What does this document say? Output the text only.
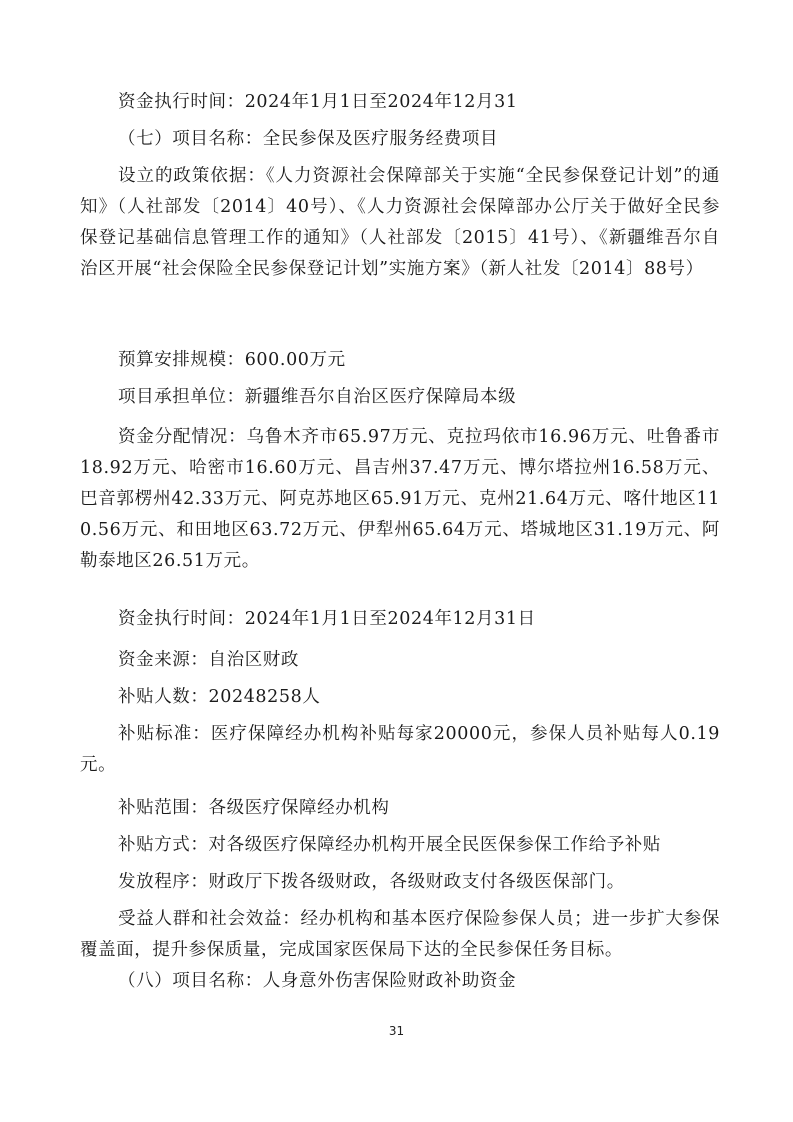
资金执行时间：2024年1月1日至2024年12月31

（七）项目名称：全民参保及医疗服务经费项目

设立的政策依据：《人力资源社会保障部关于实施“全民参保登记计划”的通知》（人社部发〔2014〕40号）、《人力资源社会保障部办公厅关于做好全民参保登记基础信息管理工作的通知》（人社部发〔2015〕41号）、《新疆维吾尔自治区开展“社会保险全民参保登记计划”实施方案》（新人社发〔2014〕88号）

预算安排规模：600.00万元

项目承担单位：新疆维吾尔自治区医疗保障局本级

资金分配情况：乌鲁木齐市65.97万元、克拉玛依市16.96万元、吐鲁番市18.92万元、哈密市16.60万元、昌吉州37.47万元、博尔塔拉州16.58万元、巴音郭楞州42.33万元、阿克苏地区65.91万元、克州21.64万元、喀什地区110.56万元、和田地区63.72万元、伊犁州65.64万元、塔城地区31.19万元、阿勒泰地区26.51万元。

资金执行时间：2024年1月1日至2024年12月31日

资金来源：自治区财政

补贴人数：20248258人

补贴标准：医疗保障经办机构补贴每家20000元，参保人员补贴每人0.19元。

补贴范围：各级医疗保障经办机构

补贴方式：对各级医疗保障经办机构开展全民医保参保工作给予补贴

发放程序：财政厅下拨各级财政，各级财政支付各级医保部门。

受益人群和社会效益：经办机构和基本医疗保险参保人员；进一步扩大参保覆盖面，提升参保质量，完成国家医保局下达的全民参保任务目标。

（八）项目名称：人身意外伤害保险财政补助资金

31
